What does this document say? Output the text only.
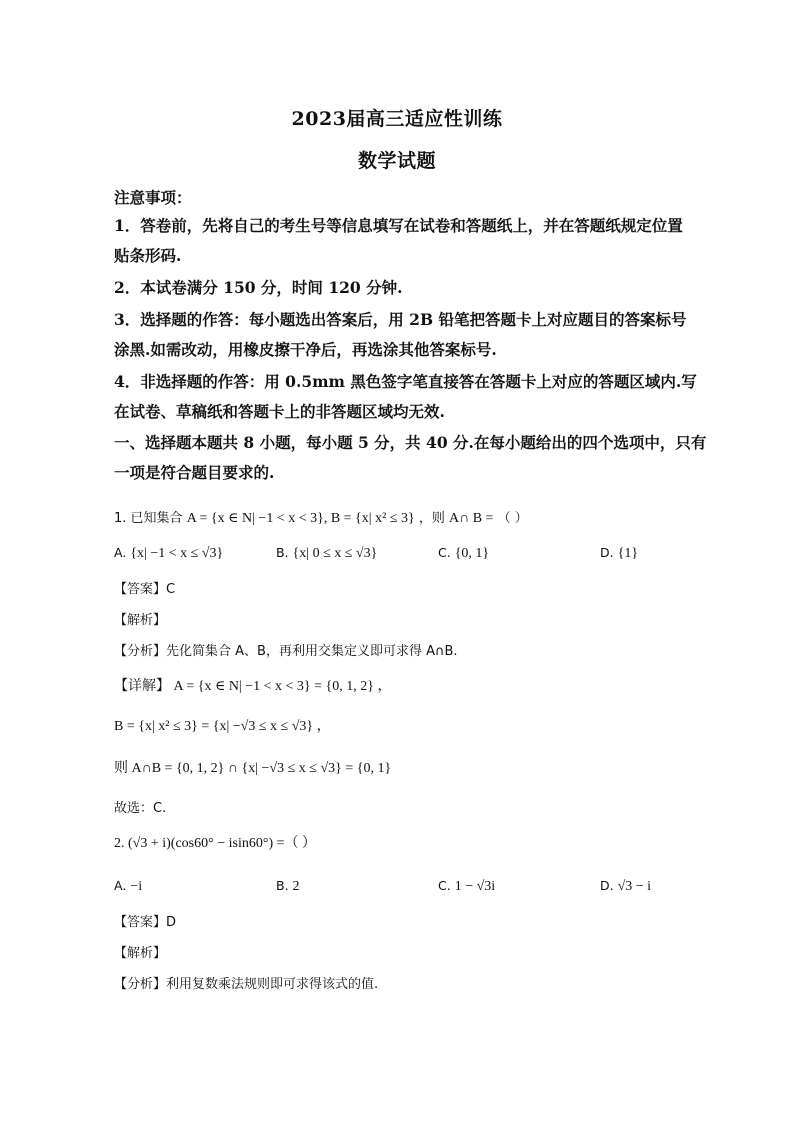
2023届高三适应性训练
数学试题
注意事项：
1．答卷前，先将自己的考生号等信息填写在试卷和答题纸上，并在答题纸规定位置
贴条形码.
2．本试卷满分 150 分，时间 120 分钟.
3．选择题的作答：每小题选出答案后，用 2B 铅笔把答题卡上对应题目的答案标号
涂黑.如需改动，用橡皮擦干净后，再选涂其他答案标号.
4．非选择题的作答：用 0.5mm 黑色签字笔直接答在答题卡上对应的答题区域内.写
在试卷、草稿纸和答题卡上的非答题区域均无效.
一、选择题本题共 8 小题，每小题 5 分，共 40 分.在每小题给出的四个选项中，只有
一项是符合题目要求的.
1. 已知集合 A = {x ∈ N| −1 < x < 3}, B = {x| x² ≤ 3} ，则 A∩ B = （ ）
A. {x| −1 < x ≤ √3}	B. {x| 0 ≤ x ≤ √3}	C. {0, 1}	D. {1}
【答案】C
【解析】
【分析】先化简集合 A、B，再利用交集定义即可求得 A∩B.
【详解】 A = {x ∈ N| −1 < x < 3} = {0, 1, 2} ，
B = {x| x² ≤ 3} = {x| −√3 ≤ x ≤ √3} ，
则 A∩B = {0, 1, 2} ∩ {x| −√3 ≤ x ≤ √3} = {0, 1}
故选：C.
2. (√3 + i)(cos60° − isin60°) =（ ）
A. −i	B. 2	C. 1 − √3i	D. √3 − i
【答案】D
【解析】
【分析】利用复数乘法规则即可求得该式的值.
